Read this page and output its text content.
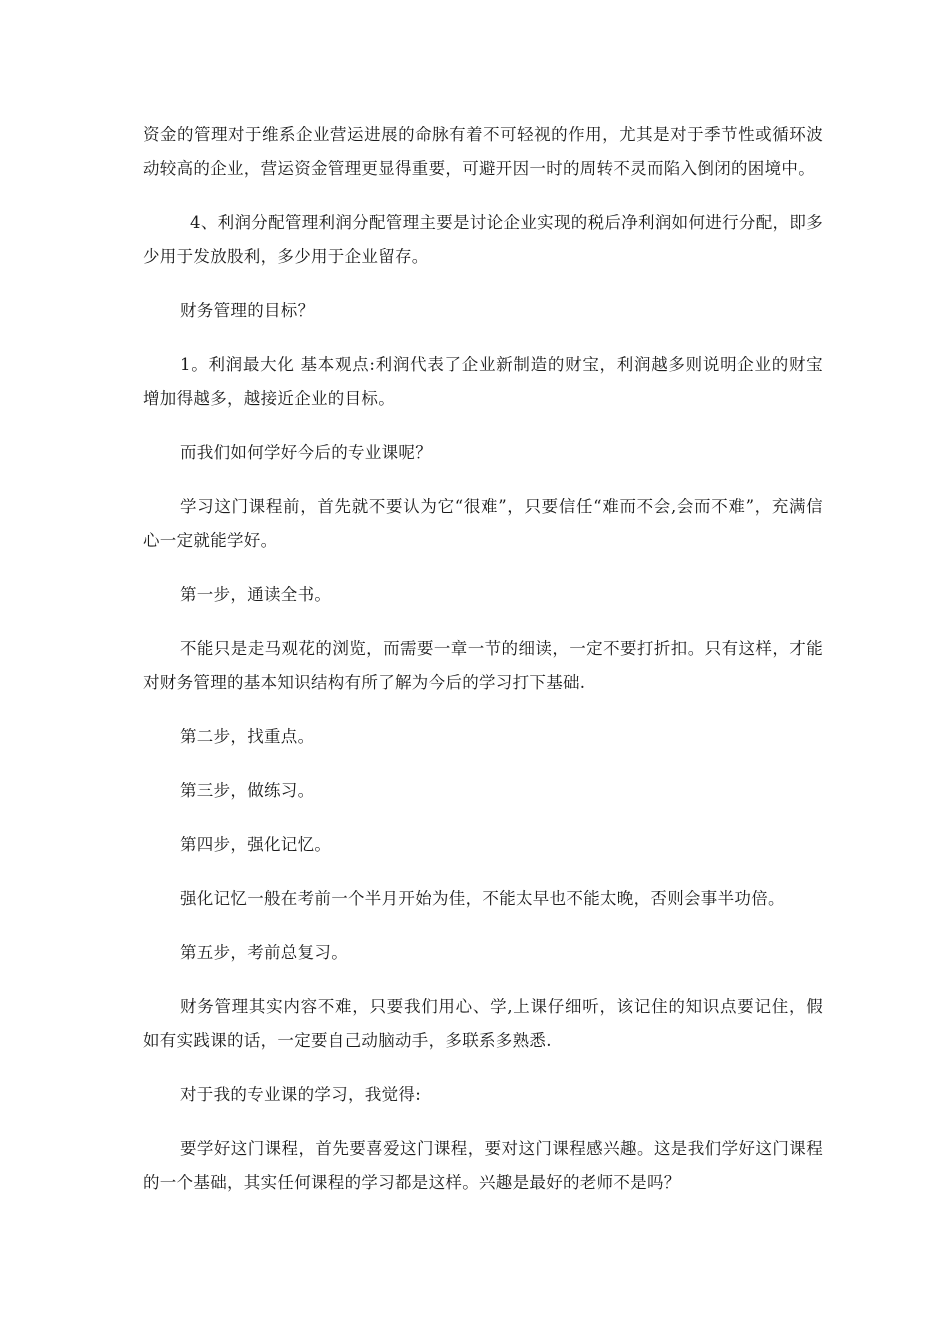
资金的管理对于维系企业营运进展的命脉有着不可轻视的作用，尤其是对于季节性或循环波动较高的企业，营运资金管理更显得重要，可避开因一时的周转不灵而陷入倒闭的困境中。

4、利润分配管理利润分配管理主要是讨论企业实现的税后净利润如何进行分配，即多少用于发放股利，多少用于企业留存。

财务管理的目标？

1。利润最大化 基本观点:利润代表了企业新制造的财宝，利润越多则说明企业的财宝增加得越多，越接近企业的目标。

而我们如何学好今后的专业课呢？

学习这门课程前，首先就不要认为它“很难”，只要信任“难而不会,会而不难”，充满信心一定就能学好。

第一步，通读全书。

不能只是走马观花的浏览，而需要一章一节的细读，一定不要打折扣。只有这样，才能对财务管理的基本知识结构有所了解为今后的学习打下基础.

第二步，找重点。

第三步，做练习。

第四步，强化记忆。

强化记忆一般在考前一个半月开始为佳，不能太早也不能太晚，否则会事半功倍。

第五步，考前总复习。

财务管理其实内容不难，只要我们用心、学,上课仔细听，该记住的知识点要记住，假如有实践课的话，一定要自己动脑动手，多联系多熟悉.

对于我的专业课的学习，我觉得:

要学好这门课程，首先要喜爱这门课程，要对这门课程感兴趣。这是我们学好这门课程的一个基础，其实任何课程的学习都是这样。兴趣是最好的老师不是吗？
